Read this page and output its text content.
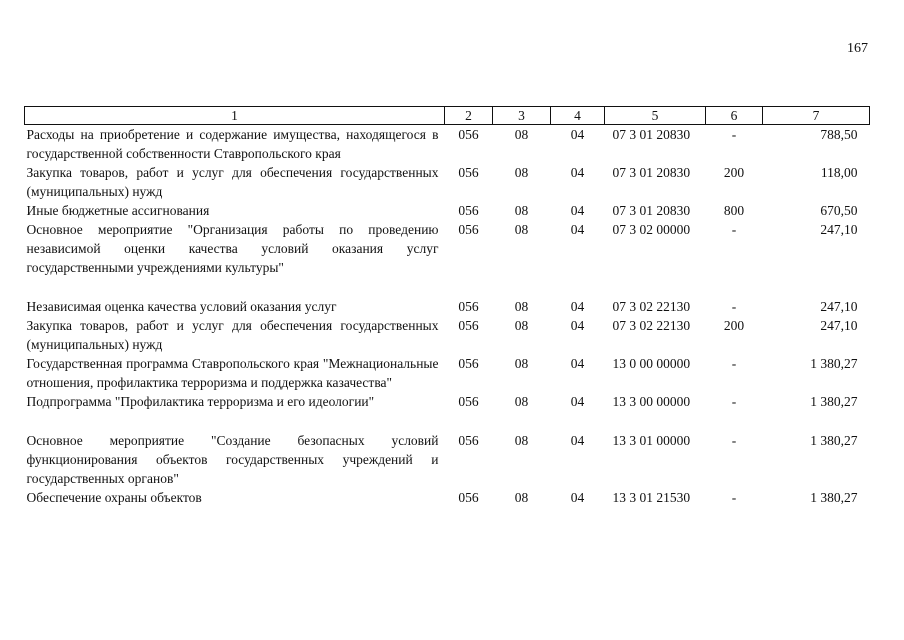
167
1	2	3	4	5	6	7
Расходы на приобретение и содержание имущества, находящегося в государственной собственности Ставропольского края	056	08	04	07 3 01 20830	-	788,50
Закупка товаров, работ и услуг для обеспечения государственных (муниципальных) нужд	056	08	04	07 3 01 20830	200	118,00
Иные бюджетные ассигнования	056	08	04	07 3 01 20830	800	670,50
Основное мероприятие "Организация работы по проведению независимой оценки качества условий оказания услуг государственными учреждениями культуры"	056	08	04	07 3 02 00000	-	247,10

Независимая оценка качества условий оказания услуг	056	08	04	07 3 02 22130	-	247,10
Закупка товаров, работ и услуг для обеспечения государственных (муниципальных) нужд	056	08	04	07 3 02 22130	200	247,10
Государственная программа Ставропольского края "Межнациональные отношения, профилактика терроризма и поддержка казачества"	056	08	04	13 0 00 00000	-	1 380,27
Подпрограмма "Профилактика терроризма и его идеологии"	056	08	04	13 3 00 00000	-	1 380,27

Основное мероприятие "Создание безопасных условий функционирования объектов государственных учреждений и государственных органов"	056	08	04	13 3 01 00000	-	1 380,27
Обеспечение охраны объектов	056	08	04	13 3 01 21530	-	1 380,27
